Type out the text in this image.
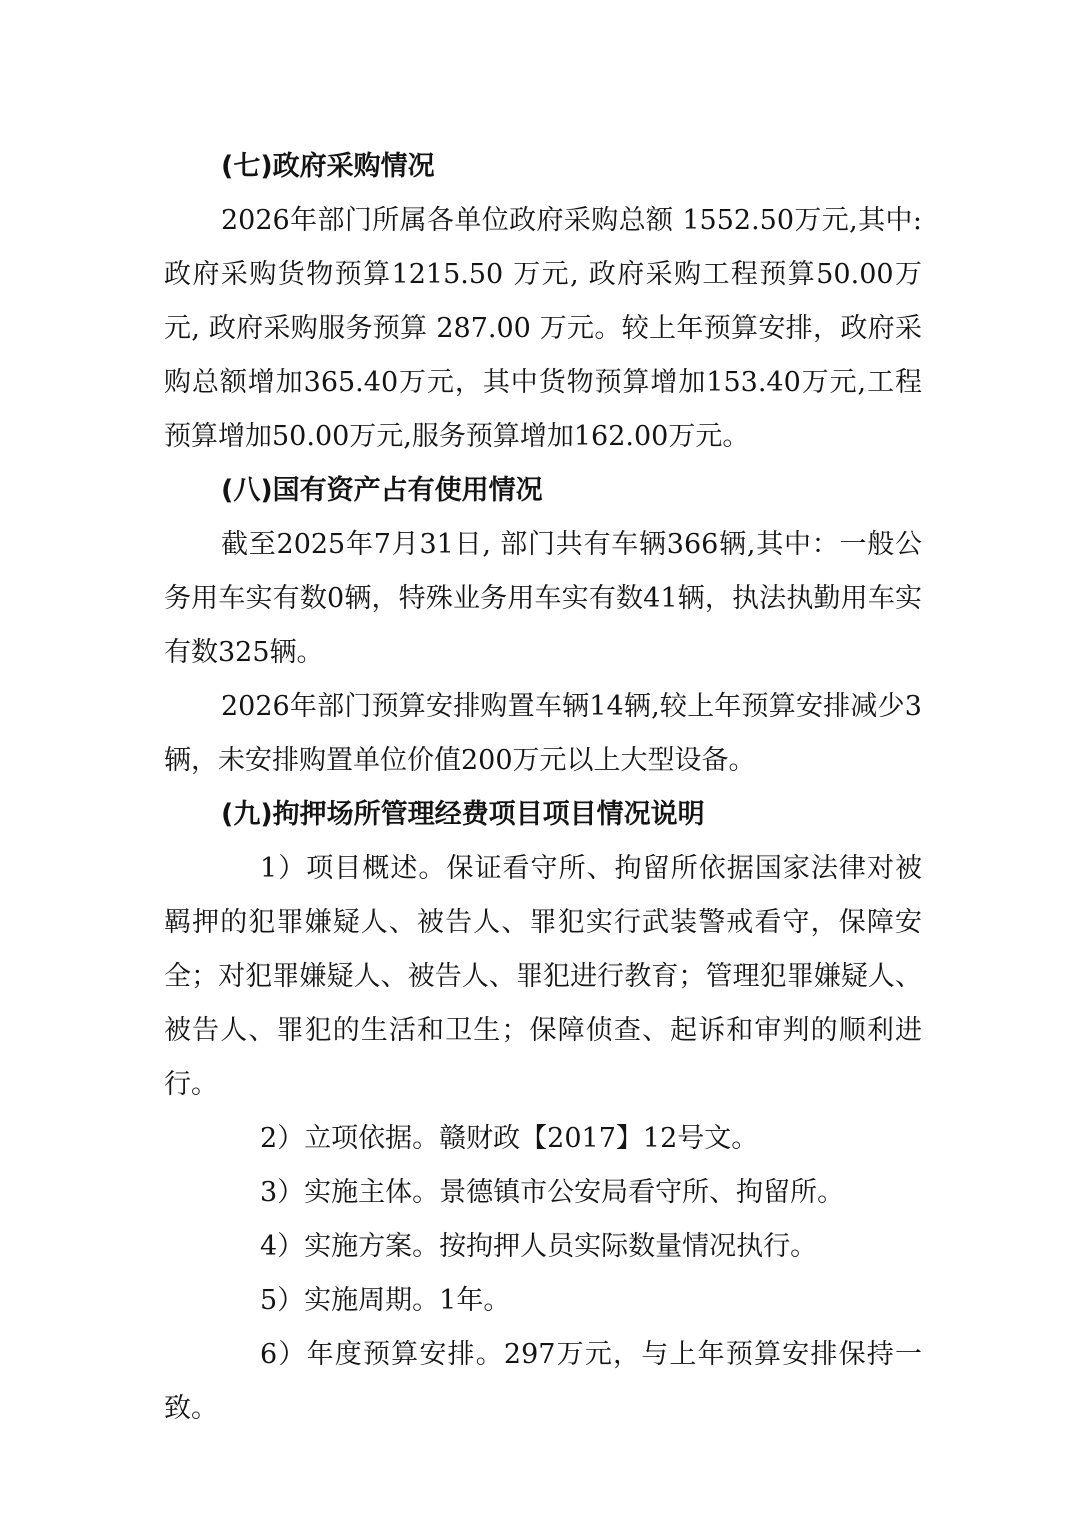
(七)政府采购情况

2026年部门所属各单位政府采购总额 1552.50万元,其中: 政府采购货物预算1215.50 万元, 政府采购工程预算50.00万元, 政府采购服务预算 287.00 万元。较上年预算安排，政府采购总额增加365.40万元，其中货物预算增加153.40万元,工程预算增加50.00万元,服务预算增加162.00万元。

(八)国有资产占有使用情况

截至2025年7月31日, 部门共有车辆366辆,其中：一般公务用车实有数0辆，特殊业务用车实有数41辆，执法执勤用车实有数325辆。

2026年部门预算安排购置车辆14辆,较上年预算安排减少3辆，未安排购置单位价值200万元以上大型设备。

(九)拘押场所管理经费项目项目情况说明

1）项目概述。保证看守所、拘留所依据国家法律对被羁押的犯罪嫌疑人、被告人、罪犯实行武装警戒看守，保障安全；对犯罪嫌疑人、被告人、罪犯进行教育；管理犯罪嫌疑人、被告人、罪犯的生活和卫生；保障侦查、起诉和审判的顺利进行。

2）立项依据。赣财政【2017】12号文。

3）实施主体。景德镇市公安局看守所、拘留所。

4）实施方案。按拘押人员实际数量情况执行。

5）实施周期。1年。

6）年度预算安排。297万元，与上年预算安排保持一致。
